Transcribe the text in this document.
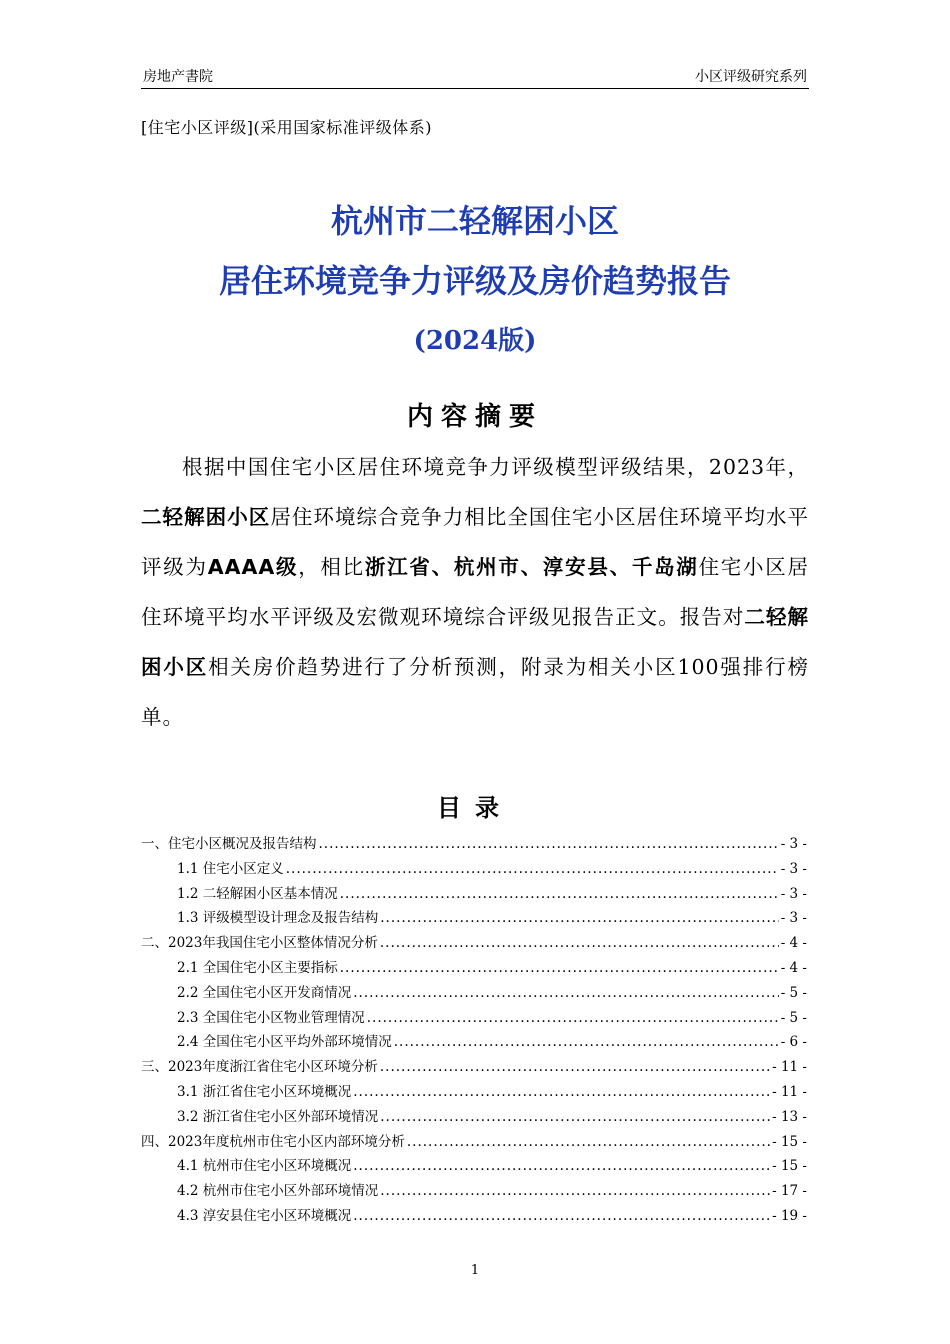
房地产書院	小区评级研究系列
[住宅小区评级](采用国家标准评级体系)
杭州市二轻解困小区
居住环境竞争力评级及房价趋势报告
(2024版)
内容摘要
根据中国住宅小区居住环境竞争力评级模型评级结果，2023年，二轻解困小区居住环境综合竞争力相比全国住宅小区居住环境平均水平评级为AAAA级，相比浙江省、杭州市、淳安县、千岛湖住宅小区居住环境平均水平评级及宏微观环境综合评级见报告正文。报告对二轻解困小区相关房价趋势进行了分析预测，附录为相关小区100强排行榜单。
目录
一、住宅小区概况及报告结构 .....	- 3 -
1.1 住宅小区定义 .....	- 3 -
1.2 二轻解困小区基本情况 .....	- 3 -
1.3 评级模型设计理念及报告结构 .....	- 3 -
二、2023年我国住宅小区整体情况分析 .....	- 4 -
2.1 全国住宅小区主要指标 .....	- 4 -
2.2 全国住宅小区开发商情况 .....	- 5 -
2.3 全国住宅小区物业管理情况 .....	- 5 -
2.4 全国住宅小区平均外部环境情况 .....	- 6 -
三、2023年度浙江省住宅小区环境分析 .....	- 11 -
3.1 浙江省住宅小区环境概况 .....	- 11 -
3.2 浙江省住宅小区外部环境情况 .....	- 13 -
四、2023年度杭州市住宅小区内部环境分析 .....	- 15 -
4.1 杭州市住宅小区环境概况 .....	- 15 -
4.2 杭州市住宅小区外部环境情况 .....	- 17 -
4.3 淳安县住宅小区环境概况 .....	- 19 -
1
